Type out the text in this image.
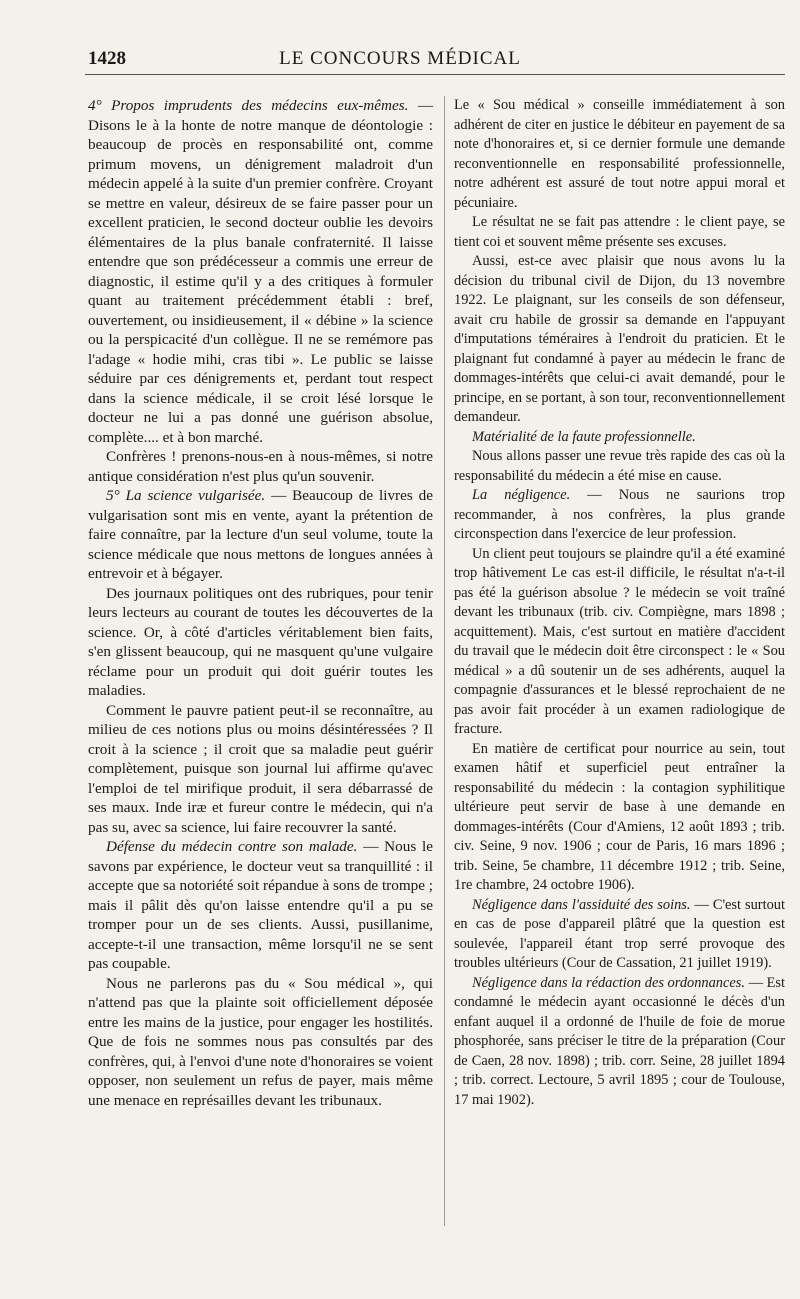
1428	LE CONCOURS MÉDICAL

4° Propos imprudents des médecins eux-mêmes. — Disons le à la honte de notre manque de déontologie : beaucoup de procès en responsabilité ont, comme primum movens, un dénigrement maladroit d'un médecin appelé à la suite d'un premier confrère. Croyant se mettre en valeur, désireux de se faire passer pour un excellent praticien, le second docteur oublie les devoirs élémentaires de la plus banale confraternité. Il laisse entendre que son prédécesseur a commis une erreur de diagnostic, il estime qu'il y a des critiques à formuler quant au traitement précédemment établi : bref, ouvertement, ou insidieusement, il « débine » la science ou la perspicacité d'un collègue. Il ne se remémore pas l'adage « hodie mihi, cras tibi ». Le public se laisse séduire par ces dénigrements et, perdant tout respect dans la science médicale, il se croit lésé lorsque le docteur ne lui a pas donné une guérison absolue, complète.... et à bon marché.

Confrères ! prenons-nous-en à nous-mêmes, si notre antique considération n'est plus qu'un souvenir.

5° La science vulgarisée. — Beaucoup de livres de vulgarisation sont mis en vente, ayant la prétention de faire connaître, par la lecture d'un seul volume, toute la science médicale que nous mettons de longues années à entrevoir et à bégayer.

Des journaux politiques ont des rubriques, pour tenir leurs lecteurs au courant de toutes les découvertes de la science. Or, à côté d'articles véritablement bien faits, s'en glissent beaucoup, qui ne masquent qu'une vulgaire réclame pour un produit qui doit guérir toutes les maladies.

Comment le pauvre patient peut-il se reconnaître, au milieu de ces notions plus ou moins désintéressées ? Il croit à la science ; il croit que sa maladie peut guérir complètement, puisque son journal lui affirme qu'avec l'emploi de tel mirifique produit, il sera débarrassé de ses maux. Inde iræ et fureur contre le médecin, qui n'a pas su, avec sa science, lui faire recouvrer la santé.

Défense du médecin contre son malade. — Nous le savons par expérience, le docteur veut sa tranquillité : il accepte que sa notoriété soit répandue à sons de trompe ; mais il pâlit dès qu'on laisse entendre qu'il a pu se tromper pour un de ses clients. Aussi, pusillanime, accepte-t-il une transaction, même lorsqu'il ne se sent pas coupable.

Nous ne parlerons pas du « Sou médical », qui n'attend pas que la plainte soit officiellement déposée entre les mains de la justice, pour engager les hostilités. Que de fois ne sommes nous pas consultés par des confrères, qui, à l'envoi d'une note d'honoraires se voient opposer, non seulement un refus de payer, mais même une menace en représailles devant les tribunaux.

Le « Sou médical » conseille immédiatement à son adhérent de citer en justice le débiteur en payement de sa note d'honoraires et, si ce dernier formule une demande reconventionnelle en responsabilité professionnelle, notre adhérent est assuré de tout notre appui moral et pécuniaire.

Le résultat ne se fait pas attendre : le client paye, se tient coi et souvent même présente ses excuses.

Aussi, est-ce avec plaisir que nous avons lu la décision du tribunal civil de Dijon, du 13 novembre 1922. Le plaignant, sur les conseils de son défenseur, avait cru habile de grossir sa demande en l'appuyant d'imputations téméraires à l'endroit du praticien. Et le plaignant fut condamné à payer au médecin le franc de dommages-intérêts que celui-ci avait demandé, pour le principe, en se portant, à son tour, reconventionnellement demandeur.

Matérialité de la faute professionnelle.

Nous allons passer une revue très rapide des cas où la responsabilité du médecin a été mise en cause.

La négligence. — Nous ne saurions trop recommander, à nos confrères, la plus grande circonspection dans l'exercice de leur profession.

Un client peut toujours se plaindre qu'il a été examiné trop hâtivement Le cas est-il difficile, le résultat n'a-t-il pas été la guérison absolue ? le médecin se voit traîné devant les tribunaux (trib. civ. Compiègne, mars 1898 ; acquittement). Mais, c'est surtout en matière d'accident du travail que le médecin doit être circonspect : le « Sou médical » a dû soutenir un de ses adhérents, auquel la compagnie d'assurances et le blessé reprochaient de ne pas avoir fait procéder à un examen radiologique de fracture.

En matière de certificat pour nourrice au sein, tout examen hâtif et superficiel peut entraîner la responsabilité du médecin : la contagion syphilitique ultérieure peut servir de base à une demande en dommages-intérêts (Cour d'Amiens, 12 août 1893 ; trib. civ. Seine, 9 nov. 1906 ; cour de Paris, 16 mars 1896 ; trib. Seine, 5e chambre, 11 décembre 1912 ; trib. Seine, 1re chambre, 24 octobre 1906).

Négligence dans l'assiduité des soins. — C'est surtout en cas de pose d'appareil plâtré que la question est soulevée, l'appareil étant trop serré provoque des troubles ultérieurs (Cour de Cassation, 21 juillet 1919).

Négligence dans la rédaction des ordonnances. — Est condamné le médecin ayant occasionné le décès d'un enfant auquel il a ordonné de l'huile de foie de morue phosphorée, sans préciser le titre de la préparation (Cour de Caen, 28 nov. 1898) ; trib. corr. Seine, 28 juillet 1894 ; trib. correct. Lectoure, 5 avril 1895 ; cour de Toulouse, 17 mai 1902).
